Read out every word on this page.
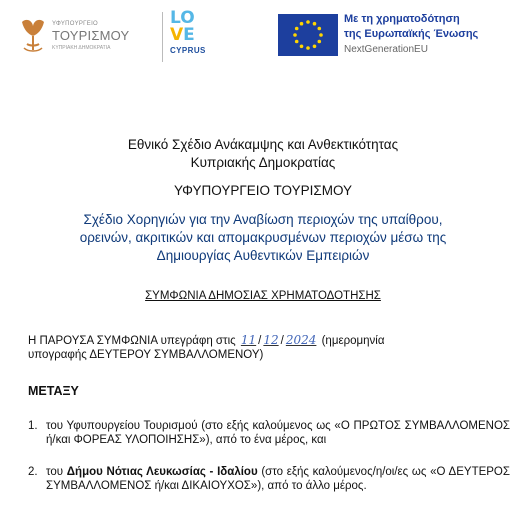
ΥΦΥΠΟΥΡΓΕΙΟ
ΤΟΥΡΙΣΜΟΥ
ΚΥΠΡΙΑΚΗ ΔΗΜΟΚΡΑΤΙΑ
LO
VE
CYPRUS
Με τη χρηματοδότηση
της Ευρωπαϊκής Ένωσης
NextGenerationEU
Εθνικό Σχέδιο Ανάκαμψης και Ανθεκτικότητας
Κυπριακής Δημοκρατίας
ΥΦΥΠΟΥΡΓΕΙΟ ΤΟΥΡΙΣΜΟΥ
Σχέδιο Χορηγιών για την Αναβίωση περιοχών της υπαίθρου,
ορεινών, ακριτικών και απομακρυσμένων περιοχών μέσω της
Δημιουργίας Αυθεντικών Εμπειριών
ΣΥΜΦΩΝΙΑ ΔΗΜΟΣΙΑΣ ΧΡΗΜΑΤΟΔΟΤΗΣΗΣ
Η ΠΑΡΟΥΣΑ ΣΥΜΦΩΝΙΑ υπεγράφη στις 11 / 12 / 2024 (ημερομηνία
υπογραφής ΔΕΥΤΕΡΟΥ ΣΥΜΒΑΛΛΟΜΕΝΟΥ)
ΜΕΤΑΞΥ
1. του Υφυπουργείου Τουρισμού (στο εξής καλούμενος ως «Ο ΠΡΩΤΟΣ ΣΥΜΒΑΛΛΟΜΕΝΟΣ ή/και ΦΟΡΕΑΣ ΥΛΟΠΟΙΗΣΗΣ»), από το ένα μέρος, και
2. του Δήμου Νότιας Λευκωσίας - Ιδαλίου (στο εξής καλούμενος/η/οι/ες ως «Ο ΔΕΥΤΕΡΟΣ ΣΥΜΒΑΛΛΟΜΕΝΟΣ ή/και ΔΙΚΑΙΟΥΧΟΣ»), από το άλλο μέρος.
